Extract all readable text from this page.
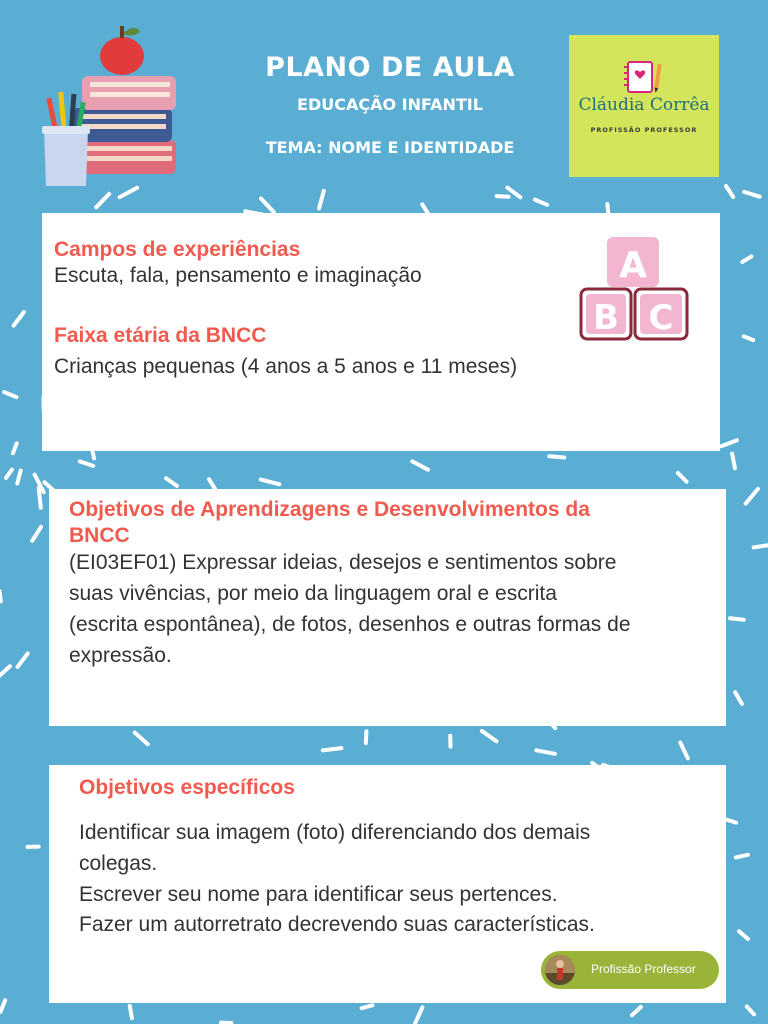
PLANO DE AULA
EDUCAÇÃO INFANTIL
TEMA: NOME E IDENTIDADE
Cláudia Corrêa
PROFISSÃO PROFESSOR
Campos de experiências
Escuta, fala, pensamento e imaginação
Faixa etária da BNCC
Crianças pequenas (4 anos a 5 anos e 11 meses)
A
B C
Objetivos de Aprendizagens e Desenvolvimentos da
BNCC
(EI03EF01) Expressar ideias, desejos e sentimentos sobre
suas vivências, por meio da linguagem oral e escrita
(escrita espontânea), de fotos, desenhos e outras formas de
expressão.
Objetivos específicos
Identificar sua imagem (foto) diferenciando dos demais
colegas.
Escrever seu nome para identificar seus pertences.
Fazer um autorretrato decrevendo suas características.
Profissão Professor
